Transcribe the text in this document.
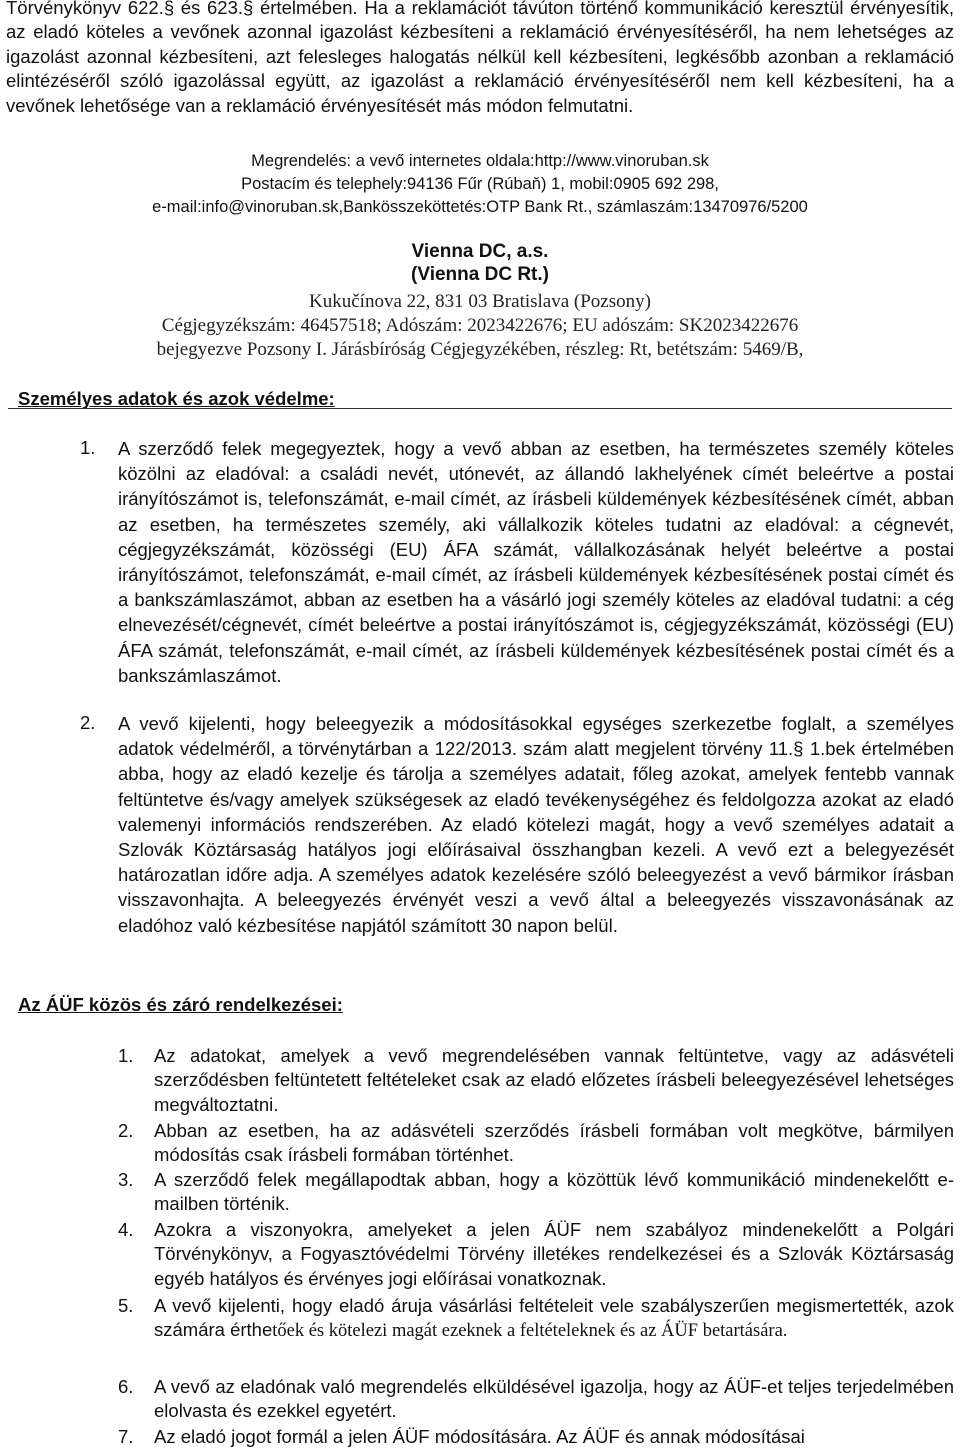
Törvénykönyv 622.§ és 623.§ értelmében. Ha a reklamációt távúton történő kommunikáció keresztül érvényesítik, az eladó köteles a vevőnek azonnal igazolást kézbesíteni a reklamáció érvényesítéséről, ha nem lehetséges az igazolást azonnal kézbesíteni, azt felesleges halogatás nélkül kell kézbesíteni, legkésőbb azonban a reklamáció elintézéséről szóló igazolással együtt, az igazolást a reklamáció érvényesítéséről nem kell kézbesíteni, ha a vevőnek lehetősége van a reklamáció érvényesítését más módon felmutatni.
Megrendelés: a vevő internetes oldala:http://www.vinoruban.sk
Postacím és telephely:94136 Fűr (Rúbaň) 1, mobil:0905 692 298,
e-mail:info@vinoruban.sk,Bankösszeköttetés:OTP Bank Rt., számlaszám:13470976/5200
Vienna DC, a.s.
(Vienna DC Rt.)
Kukučínova 22, 831 03 Bratislava (Pozsony)
Cégjegyzékszám: 46457518; Adószám: 2023422676; EU adószám: SK2023422676
bejegyezve Pozsony I. Járásbíróság Cégjegyzékében, részleg: Rt, betétszám: 5469/B,
Személyes adatok és azok védelme:
1. A szerződő felek megegyeztek, hogy a vevő abban az esetben, ha természetes személy köteles közölni az eladóval: a családi nevét, utónevét, az állandó lakhelyének címét beleértve a postai irányítószámot is, telefonszámát, e-mail címét, az írásbeli küldemények kézbesítésének címét, abban az esetben, ha természetes személy, aki vállalkozik köteles tudatni az eladóval: a cégnevét, cégjegyzékszámát, közösségi (EU) ÁFA számát, vállalkozásának helyét beleértve a postai irányítószámot, telefonszámát, e-mail címét, az írásbeli küldemények kézbesítésének postai címét és a bankszámlaszámot, abban az esetben ha a vásárló jogi személy köteles az eladóval tudatni: a cég elnevezését/cégnevét, címét beleértve a postai irányítószámot is, cégjegyzékszámát, közösségi (EU) ÁFA számát, telefonszámát, e-mail címét, az írásbeli küldemények kézbesítésének postai címét és a bankszámlaszámot.
2. A vevő kijelenti, hogy beleegyezik a módosításokkal egységes szerkezetbe foglalt, a személyes adatok védelméről, a törvénytárban a 122/2013. szám alatt megjelent törvény 11.§ 1.bek értelmében abba, hogy az eladó kezelje és tárolja a személyes adatait, főleg azokat, amelyek fentebb vannak feltüntetve és/vagy amelyek szükségesek az eladó tevékenységéhez és feldolgozza azokat az eladó valemenyi információs rendszerében. Az eladó kötelezi magát, hogy a vevő személyes adatait a Szlovák Köztársaság hatályos jogi előírásaival összhangban kezeli. A vevő ezt a belegyezését határozatlan időre adja. A személyes adatok kezelésére szóló beleegyezést a vevő bármikor írásban visszavonhajta. A beleegyezés érvényét veszi a vevő által a beleegyezés visszavonásának az eladóhoz való kézbesítése napjától számított 30 napon belül.
Az ÁÜF közös és záró rendelkezései:
1. Az adatokat, amelyek a vevő megrendelésében vannak feltüntetve, vagy az adásvételi szerződésben feltüntetett feltételeket csak az eladó előzetes írásbeli beleegyezésével lehetséges megváltoztatni.
2. Abban az esetben, ha az adásvételi szerződés írásbeli formában volt megkötve, bármilyen módosítás csak írásbeli formában történhet.
3. A szerződő felek megállapodtak abban, hogy a közöttük lévő kommunikáció mindenekelőtt e-mailben történik.
4. Azokra a viszonyokra, amelyeket a jelen ÁÜF nem szabályoz mindenekelőtt a Polgári Törvénykönyv, a Fogyasztóvédelmi Törvény illetékes rendelkezései és a Szlovák Köztársaság egyéb hatályos és érvényes jogi előírásai vonatkoznak.
5. A vevő kijelenti, hogy eladó áruja vásárlási feltételeit vele szabályszerűen megismertették, azok számára érthetőek és kötelezi magát ezeknek a feltételeknek és az ÁÜF betartására.
6. A vevő az eladónak való megrendelés elküldésével igazolja, hogy az ÁÜF-et teljes terjedelmében elolvasta és ezekkel egyetért.
7. Az eladó jogot formál a jelen ÁÜF módosítására. Az ÁÜF és annak módosításai
